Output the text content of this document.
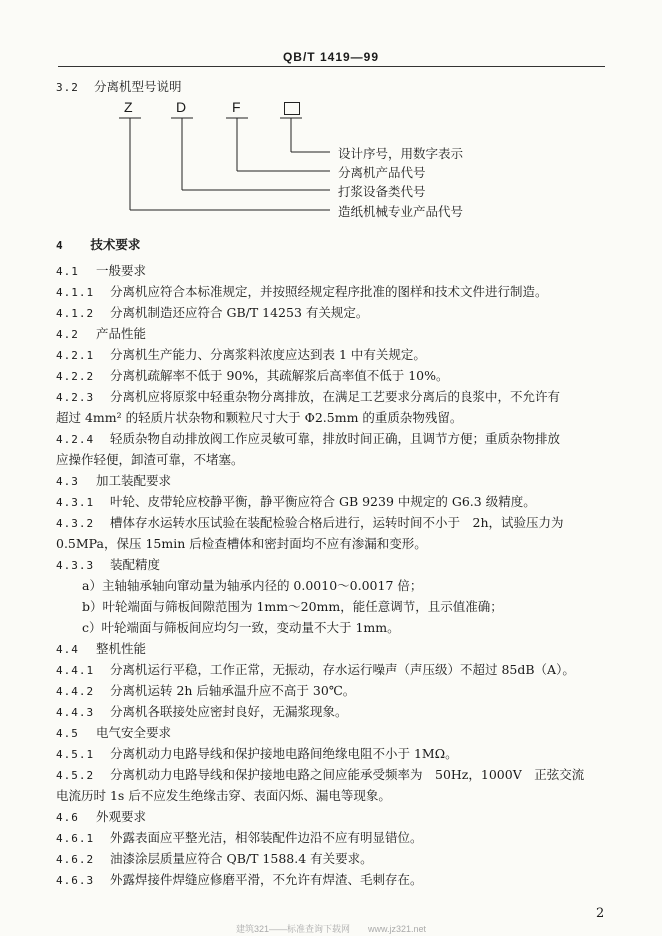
QB/T 1419—99
3.2 分离机型号说明
Z	D	F
设计序号，用数字表示
分离机产品代号
打浆设备类代号
造纸机械专业产品代号
4 技术要求
4.1 一般要求
4.1.1 分离机应符合本标准规定，并按照经规定程序批准的图样和技术文件进行制造。
4.1.2 分离机制造还应符合 GB/T 14253 有关规定。
4.2 产品性能
4.2.1 分离机生产能力、分离浆料浓度应达到表 1 中有关规定。
4.2.2 分离机疏解率不低于 90%，其疏解浆后高率值不低于 10%。
4.2.3 分离机应将原浆中轻重杂物分离排放，在满足工艺要求分离后的良浆中，不允许有
超过 4mm² 的轻质片状杂物和颗粒尺寸大于 Φ2.5mm 的重质杂物残留。
4.2.4 轻质杂物自动排放阀工作应灵敏可靠，排放时间正确，且调节方便；重质杂物排放
应操作轻便，卸渣可靠，不堵塞。
4.3 加工装配要求
4.3.1 叶轮、皮带轮应校静平衡，静平衡应符合 GB 9239 中规定的 G6.3 级精度。
4.3.2 槽体存水运转水压试验在装配检验合格后进行，运转时间不小于　2h，试验压力为
0.5MPa，保压 15min 后检查槽体和密封面均不应有渗漏和变形。
4.3.3 装配精度
a）主轴轴承轴向窜动量为轴承内径的 0.0010～0.0017 倍；
b）叶轮端面与筛板间隙范围为 1mm～20mm，能任意调节，且示值准确；
c）叶轮端面与筛板间应均匀一致，变动量不大于 1mm。
4.4 整机性能
4.4.1 分离机运行平稳，工作正常，无振动，存水运行噪声（声压级）不超过 85dB（A）。
4.4.2 分离机运转 2h 后轴承温升应不高于 30℃。
4.4.3 分离机各联接处应密封良好，无漏浆现象。
4.5 电气安全要求
4.5.1 分离机动力电路导线和保护接地电路间绝缘电阻不小于 1MΩ。
4.5.2 分离机动力电路导线和保护接地电路之间应能承受频率为　50Hz，1000V　正弦交流
电流历时 1s 后不应发生绝缘击穿、表面闪烁、漏电等现象。
4.6 外观要求
4.6.1 外露表面应平整光洁，相邻装配件边沿不应有明显错位。
4.6.2 油漆涂层质量应符合 QB/T 1588.4 有关要求。
4.6.3 外露焊接件焊缝应修磨平滑，不允许有焊渣、毛刺存在。
2
建筑321——标准查询下载网　　www.jz321.net
